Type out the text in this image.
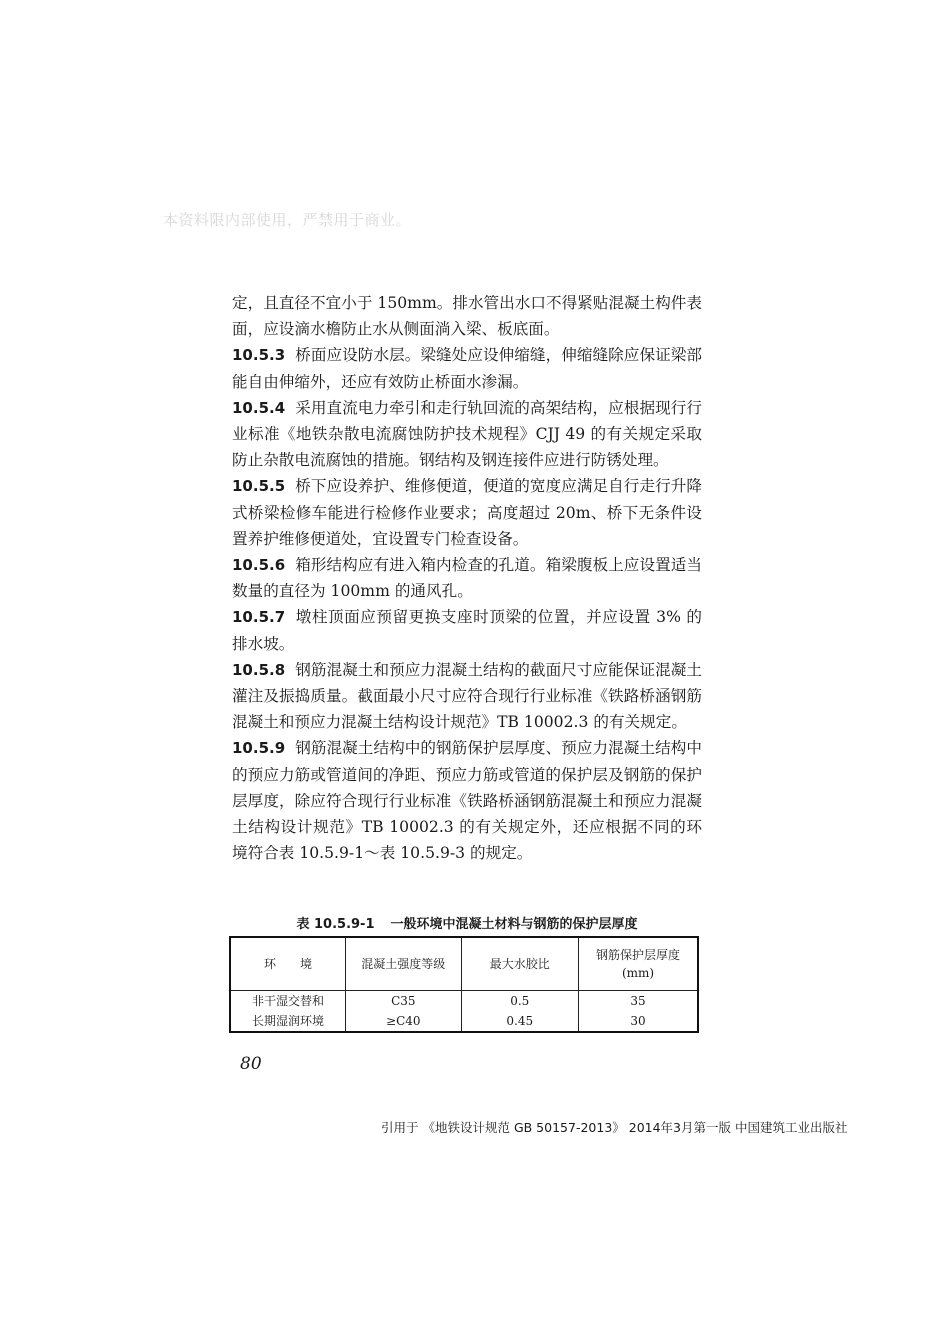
本资料限内部使用，严禁用于商业。

定，且直径不宜小于 150mm。排水管出水口不得紧贴混凝土构件表面，应设滴水檐防止水从侧面淌入梁、板底面。

10.5.3 桥面应设防水层。梁缝处应设伸缩缝，伸缩缝除应保证梁部能自由伸缩外，还应有效防止桥面水渗漏。

10.5.4 采用直流电力牵引和走行轨回流的高架结构，应根据现行行业标准《地铁杂散电流腐蚀防护技术规程》CJJ 49 的有关规定采取防止杂散电流腐蚀的措施。钢结构及钢连接件应进行防锈处理。

10.5.5 桥下应设养护、维修便道，便道的宽度应满足自行走行升降式桥梁检修车能进行检修作业要求；高度超过 20m、桥下无条件设置养护维修便道处，宜设置专门检查设备。

10.5.6 箱形结构应有进入箱内检查的孔道。箱梁腹板上应设置适当数量的直径为 100mm 的通风孔。

10.5.7 墩柱顶面应预留更换支座时顶梁的位置，并应设置 3% 的排水坡。

10.5.8 钢筋混凝土和预应力混凝土结构的截面尺寸应能保证混凝土灌注及振捣质量。截面最小尺寸应符合现行行业标准《铁路桥涵钢筋混凝土和预应力混凝土结构设计规范》TB 10002.3 的有关规定。

10.5.9 钢筋混凝土结构中的钢筋保护层厚度、预应力混凝土结构中的预应力筋或管道间的净距、预应力筋或管道的保护层及钢筋的保护层厚度，除应符合现行行业标准《铁路桥涵钢筋混凝土和预应力混凝土结构设计规范》TB 10002.3 的有关规定外，还应根据不同的环境符合表 10.5.9-1～表 10.5.9-3 的规定。

表 10.5.9-1 一般环境中混凝土材料与钢筋的保护层厚度
环　　境	混凝土强度等级	最大水胶比	钢筋保护层厚度
(mm)

非干湿交替和	C35	0.5	35
长期湿润环境	≥C40	0.45	30
80
引用于 《地铁设计规范 GB 50157-2013》 2014年3月第一版 中国建筑工业出版社
